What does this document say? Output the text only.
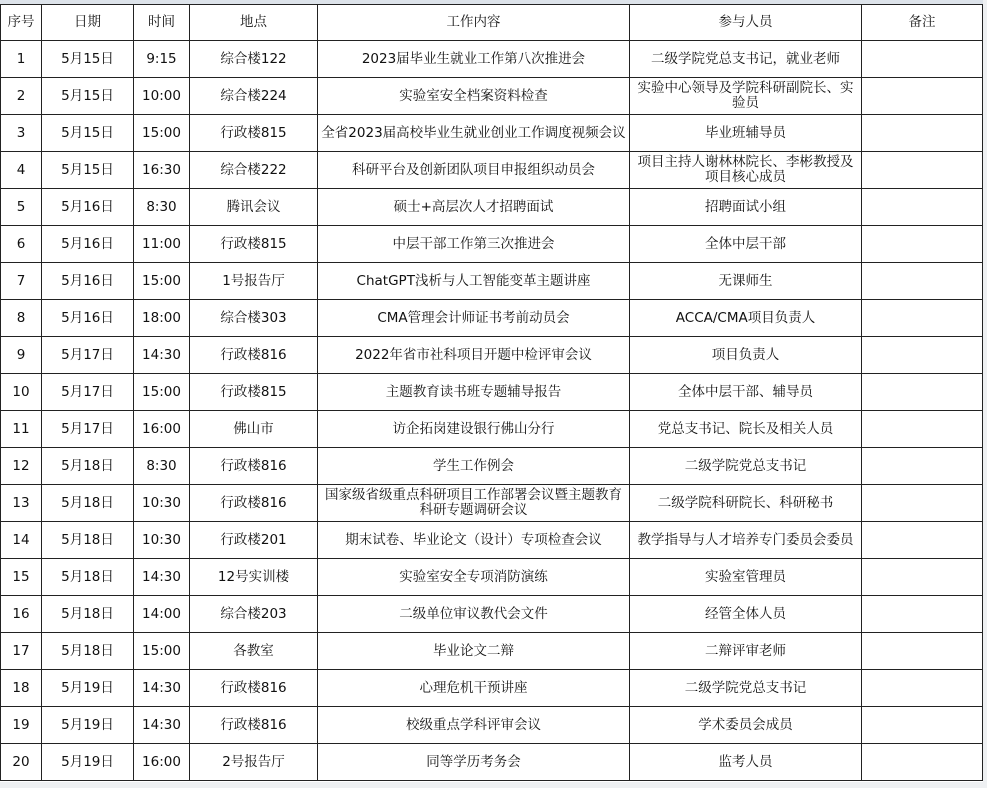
序号	日期	时间	地点	工作内容	参与人员	备注
1	5月15日	9:15	综合楼122	2023届毕业生就业工作第八次推进会	二级学院党总支书记，就业老师	
2	5月15日	10:00	综合楼224	实验室安全档案资料检查	实验中心领导及学院科研副院长、实验员	
3	5月15日	15:00	行政楼815	全省2023届高校毕业生就业创业工作调度视频会议	毕业班辅导员	
4	5月15日	16:30	综合楼222	科研平台及创新团队项目申报组织动员会	项目主持人谢林林院长、李彬教授及项目核心成员	
5	5月16日	8:30	腾讯会议	硕士+高层次人才招聘面试	招聘面试小组	
6	5月16日	11:00	行政楼815	中层干部工作第三次推进会	全体中层干部	
7	5月16日	15:00	1号报告厅	ChatGPT浅析与人工智能变革主题讲座	无课师生	
8	5月16日	18:00	综合楼303	CMA管理会计师证书考前动员会	ACCA/CMA项目负责人	
9	5月17日	14:30	行政楼816	2022年省市社科项目开题中检评审会议	项目负责人	
10	5月17日	15:00	行政楼815	主题教育读书班专题辅导报告	全体中层干部、辅导员	
11	5月17日	16:00	佛山市	访企拓岗建设银行佛山分行	党总支书记、院长及相关人员	
12	5月18日	8:30	行政楼816	学生工作例会	二级学院党总支书记	
13	5月18日	10:30	行政楼816	国家级省级重点科研项目工作部署会议暨主题教育科研专题调研会议	二级学院科研院长、科研秘书	
14	5月18日	10:30	行政楼201	期末试卷、毕业论文（设计）专项检查会议	教学指导与人才培养专门委员会委员	
15	5月18日	14:30	12号实训楼	实验室安全专项消防演练	实验室管理员	
16	5月18日	14:00	综合楼203	二级单位审议教代会文件	经管全体人员	
17	5月18日	15:00	各教室	毕业论文二辩	二辩评审老师	
18	5月19日	14:30	行政楼816	心理危机干预讲座	二级学院党总支书记	
19	5月19日	14:30	行政楼816	校级重点学科评审会议	学术委员会成员	
20	5月19日	16:00	2号报告厅	同等学历考务会	监考人员	
